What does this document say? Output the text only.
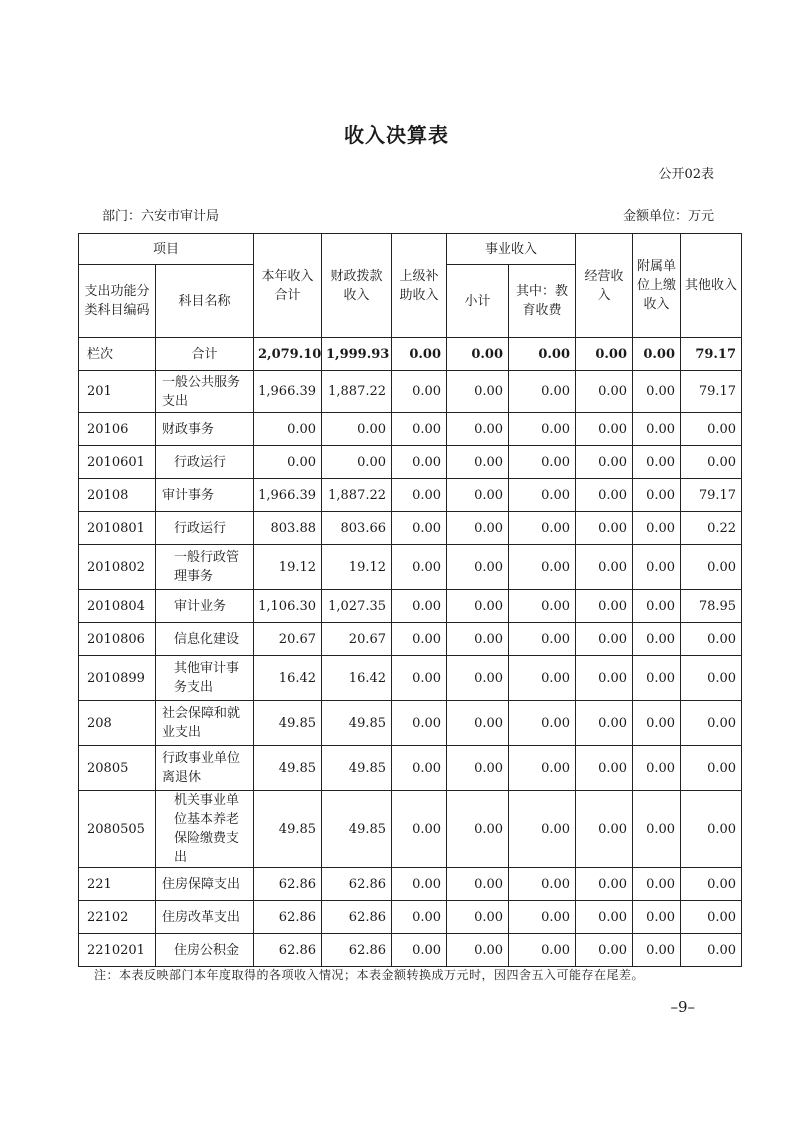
收入决算表
公开02表
部门：六安市审计局	金额单位：万元
项目		本年收入合计	财政拨款收入	上级补助收入	事业收入		经营收入	附属单位上缴收入	其他收入
支出功能分类科目编码	科目名称				小计	其中：教育收费			

栏次	合计	2,079.10	1,999.93	0.00	0.00	0.00	0.00	0.00	79.17
201	一般公共服务支出	1,966.39	1,887.22	0.00	0.00	0.00	0.00	0.00	79.17
20106	财政事务	0.00	0.00	0.00	0.00	0.00	0.00	0.00	0.00
2010601	行政运行	0.00	0.00	0.00	0.00	0.00	0.00	0.00	0.00
20108	审计事务	1,966.39	1,887.22	0.00	0.00	0.00	0.00	0.00	79.17
2010801	行政运行	803.88	803.66	0.00	0.00	0.00	0.00	0.00	0.22
2010802	一般行政管理事务	19.12	19.12	0.00	0.00	0.00	0.00	0.00	0.00
2010804	审计业务	1,106.30	1,027.35	0.00	0.00	0.00	0.00	0.00	78.95
2010806	信息化建设	20.67	20.67	0.00	0.00	0.00	0.00	0.00	0.00
2010899	其他审计事务支出	16.42	16.42	0.00	0.00	0.00	0.00	0.00	0.00
208	社会保障和就业支出	49.85	49.85	0.00	0.00	0.00	0.00	0.00	0.00
20805	行政事业单位离退休	49.85	49.85	0.00	0.00	0.00	0.00	0.00	0.00
2080505	机关事业单位基本养老保险缴费支出	49.85	49.85	0.00	0.00	0.00	0.00	0.00	0.00
221	住房保障支出	62.86	62.86	0.00	0.00	0.00	0.00	0.00	0.00
22102	住房改革支出	62.86	62.86	0.00	0.00	0.00	0.00	0.00	0.00
2210201	住房公积金	62.86	62.86	0.00	0.00	0.00	0.00	0.00	0.00
注：本表反映部门本年度取得的各项收入情况；本表金额转换成万元时，因四舍五入可能存在尾差。
–9–
